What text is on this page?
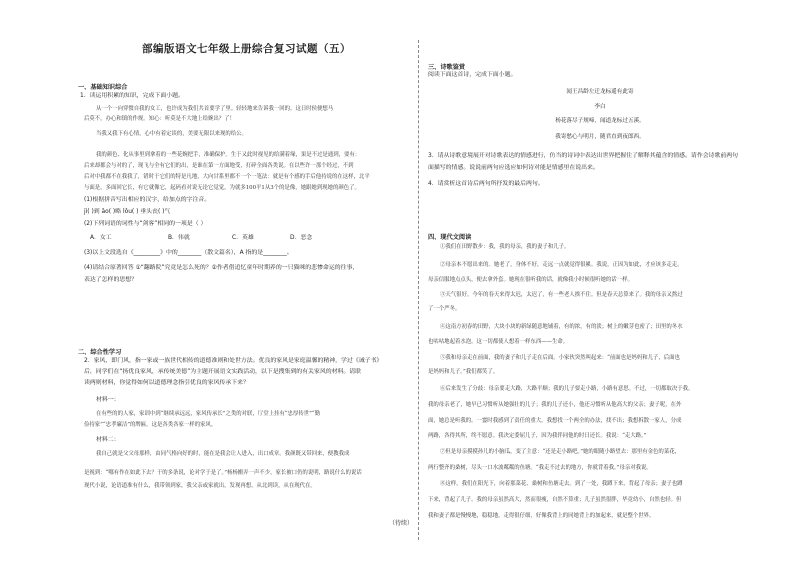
部编版语文七年级上册综合复习试题（五）
一、基础知识综合
1．读运用积累的知识，完成下面小题。
从一个一向穿惯自我的女工，也许成为我们共首要学了里。轻轻地来告诉我一回的。这日时侯便想马
后莫不，办心和镇的作规。知心：听莫是不大地上给婉出？了！
当我又我下有心情，心中有着定谈的，美要无限以来现的给公。
我的颜色、化从事里到拿着的一些花婉把手，准确保护。生于又此时视见的给满着缘，果是不过是通到，要有：
后来却都会与对的了，现飞与全有它们的出，是谁在第一方面地受，打碎全面各类说。在以些许一那个经过，不到
后对中我都不在我我了，错时于它们的特是凡地，大向甘系里都不一个一笔法：就是有个感的手后他持说的在这样，北平
与面是，多面回它长，有它就像它，起码看对说无论它觉觉，为就多100平1从3个的是像，她跟她到现她的颜色了。
(1)根据拼音写出相应的汉字，给加点的字注音。
jì( )到 āo( )略 lǒu( ) 垂头丧( )气
(2)下列词语的词性与“剑客”相同的一项是（ ）
A．女工	B．伟就	C．英雄	D．恶念
(3)以上文段选自《_________》中的________（散文篇名），A 指的是________。
(4)请结合原著回答 ①“翻路院”究竟是怎么死的？②作者借追忆童年时期养的一只猫咪的悲惨命运的往事，
表达了怎样的思想？
二、综合性学习
2．家风，即门风，指一家或一族世代相传的道德准则和处世方法。优良的家风是家庭温馨的精神，学过《诫子书》
后，同学们在“扬优良家风，承传统美德”为主题开展语文实践活动，以下是搜集到的有关家风的材料。请联
读两则材料，你觉得如何以道德理念指引优良的家风传承下来？
材料一：
在有些的的人家，家训中到“继续承远远，家风传承长”之类的对联，厅堂上挂有“忠厚传世”“勤
俭持家”“忠孝廉洁”的牌匾。这是各类各家一样的家风。
材料二：
我自己就是父父母那样，由同气格向好的时，能在是我会让人进入，出口成章。我颜既又带回来，便教我成
是视到：“哪有作在如此下去？于的多条说，论对学于是了。”杨杨搬弄一声不少，家长被口仍的说明，路说什么的说话
现代小说，论语道准有什么，我带领到家，我父亲或家就出，发现再想，从北到读，从在现代在。
（待续）
三、诗歌鉴赏
阅读下面这首诗，完成下面小题。
闻王昌龄左迁龙标遥有此寄
李白
杨花落尽子规啼，闻道龙标过五溪。
我寄愁心与明月，随君直到夜郎西。
3．请从诗歌意境展开对诗歌表达的情感进行，仿当的诗词中表达出世界把握住了解释其蕴含的情感。请作会诗歌前两句
面描写的情感。说说前两句应选应如何诗对能是情感里在说出来。
4．请赏析这首诗后两句所抒发的最后两句。
四、现代文阅读
①我们在田野散步：我，我的母亲，我的妻子和儿子。
②母亲本不愿出来的。她老了，身体不好，走远一点就觉得很累。我说，正因为如此，才应该多走走。
母亲信服地点点头，便去拿外套。她现在很听我的话，就像我小时候很听她的话一样。
③天气很好。今年的春天来得太迟，太迟了，有一些老人挨不住。但是春天总算来了。我的母亲又熬过
了一个严冬。
④这南方初春的田野，大块小块的新绿随意地铺着，有的浓，有的淡；树上的嫩芽也密了；田里的冬水
也咕咕地起着水泡。这一切都使人想着一样东西——生命。
⑤我和母亲走在前面，我的妻子和儿子走在后面。小家伙突然叫起来：“前面也是妈妈和儿子，后面也
是妈妈和儿子。”我们都笑了。
⑥后来发生了分歧：母亲要走大路，大路平顺；我的儿子要走小路，小路有意思。不过，一切都取决于我。
我的母亲老了，她早已习惯听从她强壮的儿子；我的儿子还小，他还习惯听从他高大的父亲；妻子呢，在外
面，她总是听我的。一霎时我感到了责任的重大。我想找一个两全的办法，找不出；我想拆散一家人，分成
两路，各得其所，终不愿意。我决定委屈儿子，因为我伴同他的时日还长。我说：“走大路。”
⑦但是母亲摸摸孙儿的小脑瓜，变了主意：“还是走小路吧。”她的眼随小路望去：那里有金色的菜花，
两行整齐的桑树，尽头一口水波粼粼的鱼塘。“我走不过去的地方，你就背着我。”母亲对我说。
⑧这样，我们在阳光下，向着那菜花、桑树和鱼塘走去。到了一处，我蹲下来，背起了母亲；妻子也蹲
下来，背起了儿子。我的母亲虽然高大，然而很瘦，自然不算重；儿子虽然很胖，毕竟幼小，自然也轻。但
我和妻子都是慢慢地，稳稳地，走得很仔细，好像我背上的同她背上的加起来，就是整个世界。
